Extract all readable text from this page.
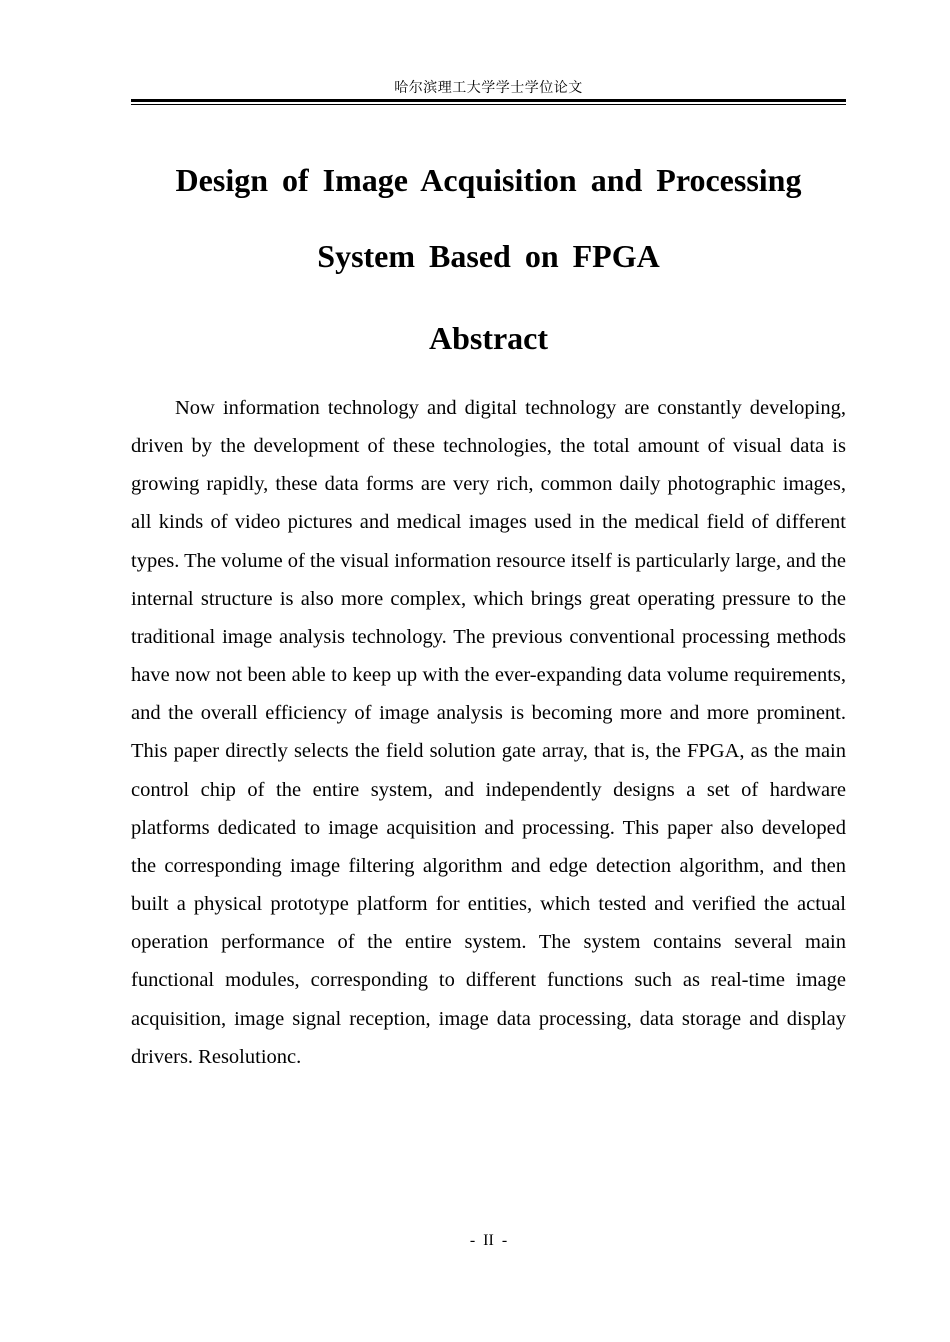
哈尔滨理工大学学士学位论文
Design of Image Acquisition and Processing System Based on FPGA
Abstract

Now information technology and digital technology are constantly developing, driven by the development of these technologies, the total amount of visual data is growing rapidly, these data forms are very rich, common daily photographic images, all kinds of video pictures and medical images used in the medical field of different types. The volume of the visual information resource itself is particularly large, and the internal structure is also more complex, which brings great operating pressure to the traditional image analysis technology. The previous conventional processing methods have now not been able to keep up with the ever-expanding data volume requirements, and the overall efficiency of image analysis is becoming more and more prominent. This paper directly selects the field solution gate array, that is, the FPGA, as the main control chip of the entire system, and independently designs a set of hardware platforms dedicated to image acquisition and processing. This paper also developed the corresponding image filtering algorithm and edge detection algorithm, and then built a physical prototype platform for entities, which tested and verified the actual operation performance of the entire system. The system contains several main functional modules, corresponding to different functions such as real-time image acquisition, image signal reception, image data processing, data storage and display drivers. Resolutionc.

- II -
